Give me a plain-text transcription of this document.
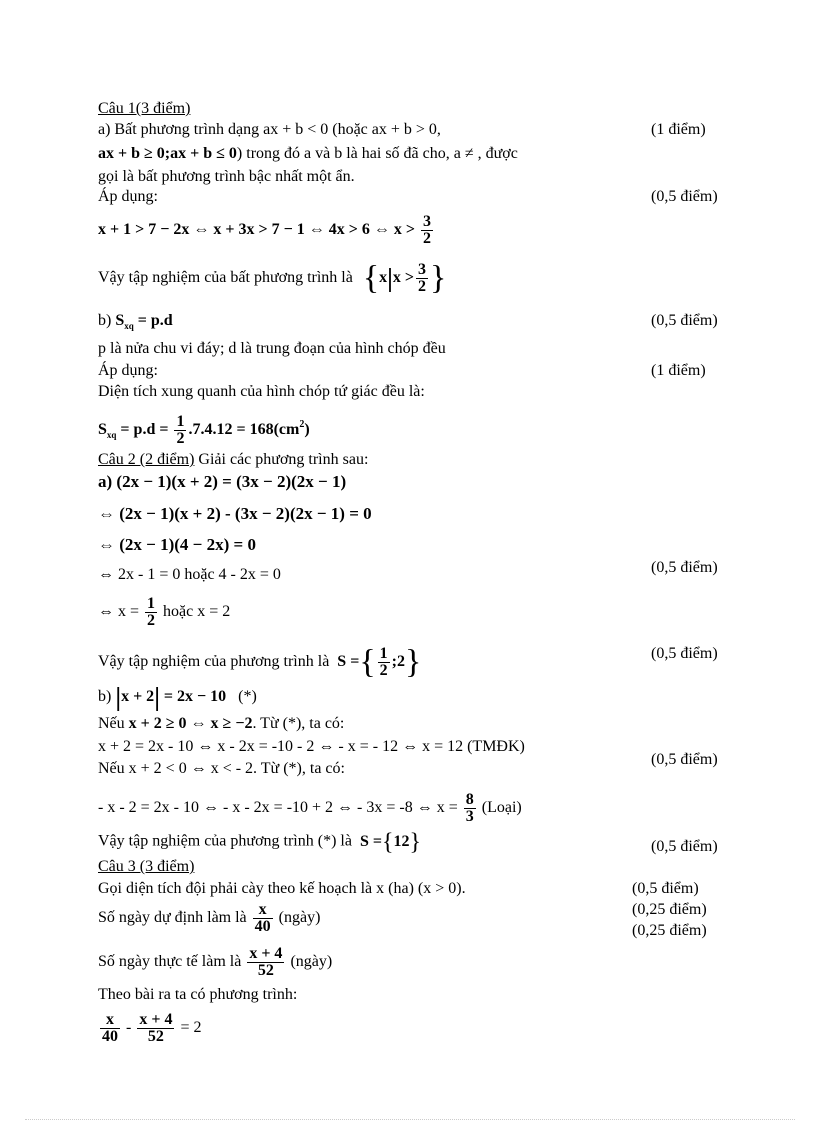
Câu 1(3 điểm)
a) Bất phương trình dạng ax + b < 0 (hoặc ax + b > 0,	(1 điểm)
ax + b ≥ 0;ax + b ≤ 0) trong đó a và b là hai số đã cho, a ≠ , được
gọi là bất phương trình bậc nhất một ẩn.
Áp dụng:	(0,5 điểm)
x + 1 > 7 − 2x ⇔ x + 3x > 7 − 1 ⇔ 4x > 6 ⇔ $x > \frac{3}{2}$
Vậy tập nghiệm của bất phương trình là {$x|x > \frac{3}{2}$ }
b) $S_{xq} = p.d$	(0,5 điểm)
p là nửa chu vi đáy; d là trung đoạn của hình chóp đều
Áp dụng:	(1 điểm)
Diện tích xung quanh của hình chóp tứ giác đều là:
$S_{xq} = p.d = \frac{1}{2} .7.4.12 = 168(cm^2)$
Câu 2 (2 điểm) Giải các phương trình sau:
a) (2x − 1)(x + 2) = (3x − 2)(2x − 1)
⇔ (2x − 1)(x + 2) - (3x − 2)(2x − 1) = 0
⇔ (2x − 1)(4 − 2x) = 0
⇔ 2x - 1 = 0 hoặc 4 - 2x = 0	(0,5 điểm)
⇔ $x = \frac{1}{2}$ hoặc x = 2
Vậy tập nghiệm của phương trình là S ={ $\frac{1}{2}$ ;2}	(0,5 điểm)
b) |x + 2| = 2x − 10 (*)
Nếu x + 2 ≥ 0 ⇔ x ≥ −2. Từ (*), ta có:
x + 2 = 2x - 10 ⇔ x - 2x = -10 - 2 ⇔ - x = - 12 ⇔ x = 12 (TMĐK)
Nếu x + 2 < 0 ⇔ x < - 2. Từ (*), ta có:
(0,5 điểm)
- x - 2 = 2x - 10 ⇔ - x - 2x = -10 + 2 ⇔ - 3x = -8 ⇔ $x = \frac{8}{3}$ (Loại)
Vậy tập nghiệm của phương trình (*) là S ={12}	(0,5 điểm)
Câu 3 (3 điểm)
Gọi diện tích đội phải cày theo kế hoạch là x (ha) (x > 0).	(0,5 điểm)
Số ngày dự định làm là $\frac{x}{40}$ (ngày)	(0,25 điểm)
(0,25 điểm)
Số ngày thực tế làm là $\frac{x + 4}{52}$ (ngày)
Theo bài ra ta có phương trình:
$\frac{x}{40} - \frac{x + 4}{52} = 2$
